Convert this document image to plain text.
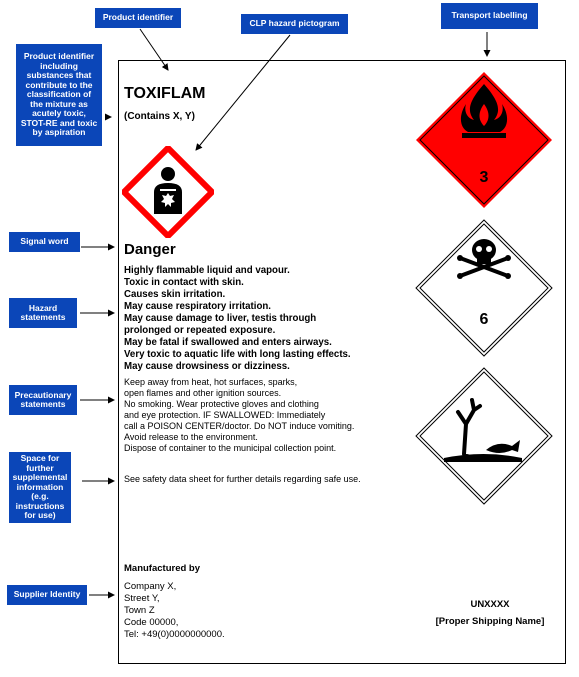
Product identifier
CLP hazard pictogram
Transport labelling
Product identifier
including
substances that
contribute to the
classification of
the mixture as
acutely toxic,
STOT-RE and toxic
by aspiration
Signal word
Hazard
statements
Precautionary
statements
Space for
further
supplemental
information
(e.g.
instructions
for use)
Supplier Identity
TOXIFLAM
(Contains X, Y)
Danger
Highly flammable liquid and vapour.
Toxic in contact with skin.
Causes skin irritation.
May cause respiratory irritation.
May cause damage to liver, testis through
prolonged or repeated exposure.
May be fatal if swallowed and enters airways.
Very toxic to aquatic life with long lasting effects.
May cause drowsiness or dizziness.
Keep away from heat, hot surfaces, sparks,
open flames and other ignition sources.
No smoking. Wear protective gloves and clothing
and eye protection. IF SWALLOWED: Immediately
call a POISON CENTER/doctor. Do NOT induce vomiting.
Avoid release to the environment.
Dispose of container to the municipal collection point.
See safety data sheet for further details regarding safe use.
Manufactured by
Company X,
Street Y,
Town Z
Code 00000,
Tel: +49(0)0000000000.
3
6
UNXXXX
[Proper Shipping Name]
